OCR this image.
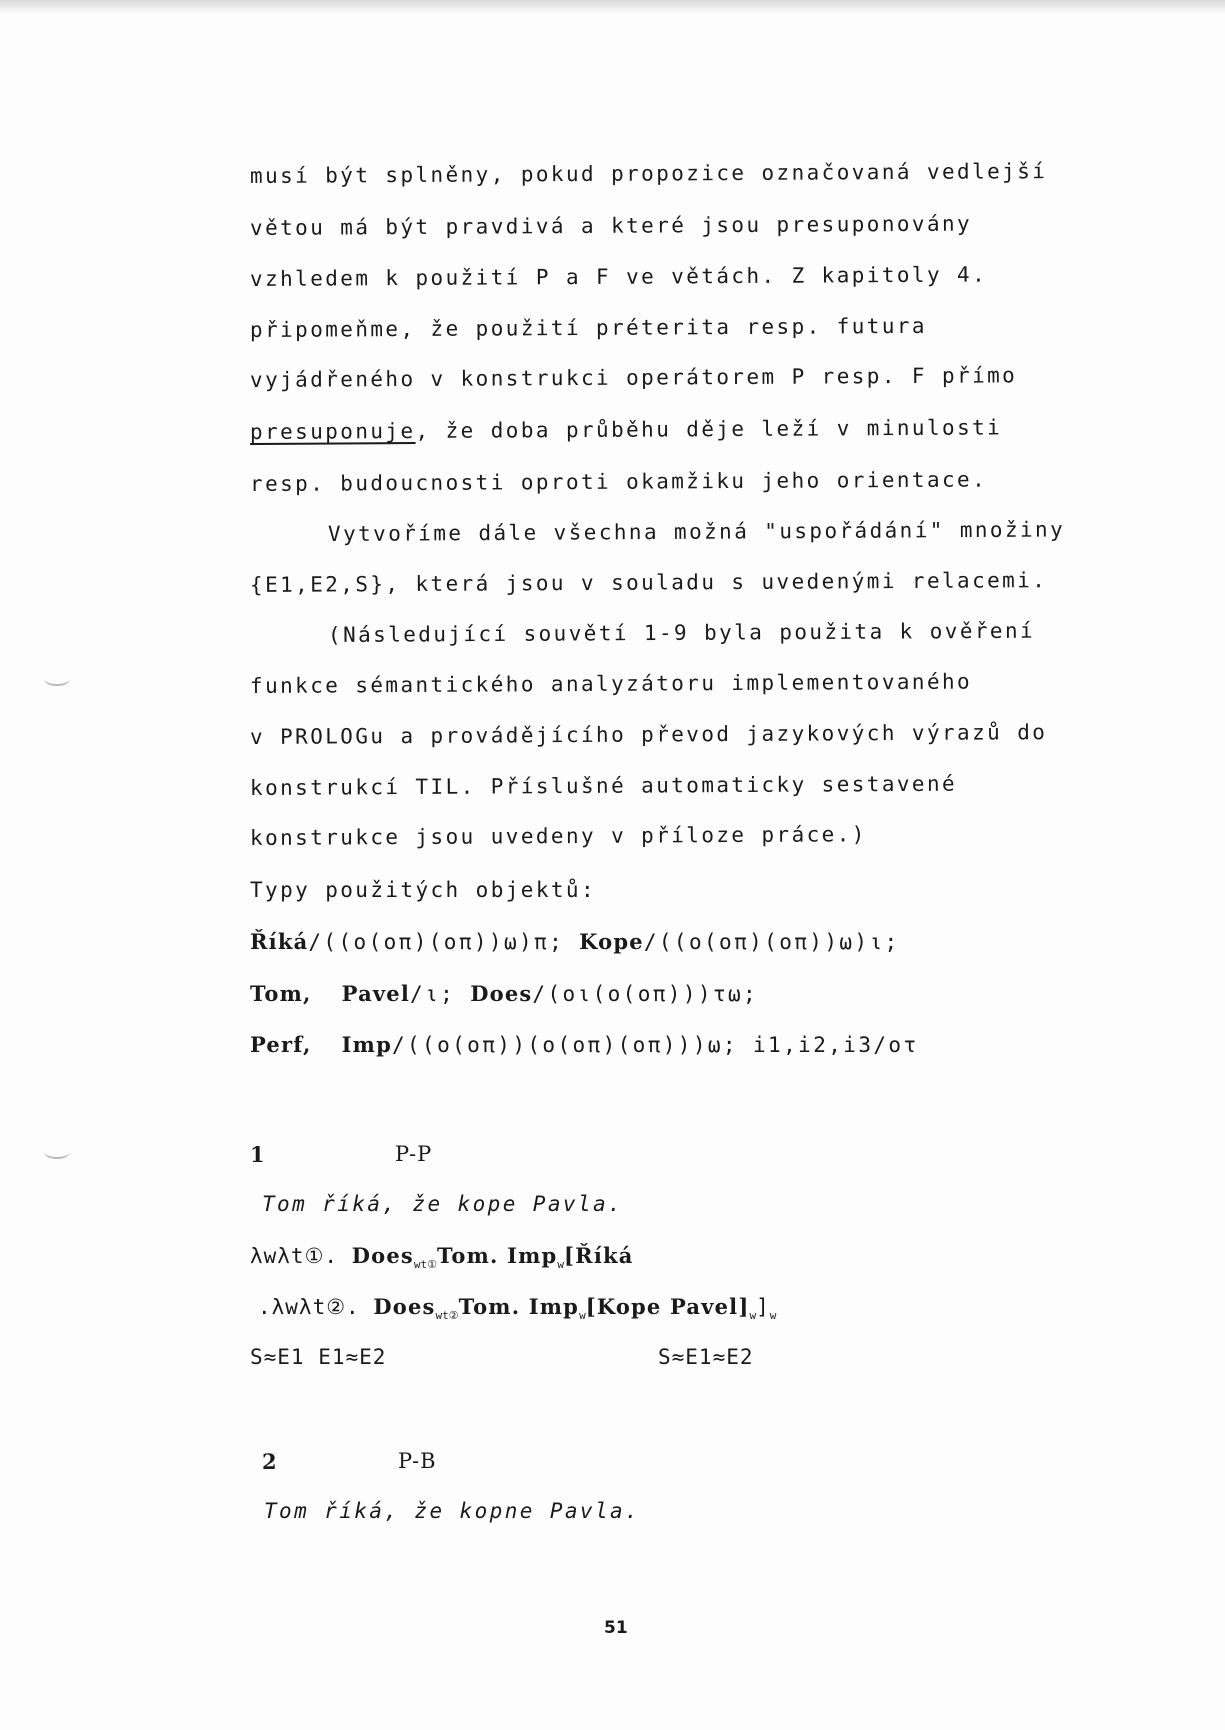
musí být splněny, pokud propozice označovaná vedlejší
větou má být pravdivá a které jsou presuponovány
vzhledem k použití P a F ve větách. Z kapitoly 4.
připomeňme, že použití préterita resp. futura
vyjádřeného v konstrukci operátorem P resp. F přímo
presuponuje, že doba průběhu děje leží v minulosti
resp. budoucnosti oproti okamžiku jeho orientace.
Vytvoříme dále všechna možná "uspořádání" množiny
{E1,E2,S}, která jsou v souladu s uvedenými relacemi.
(Následující souvětí 1-9 byla použita k ověření
funkce sémantického analyzátoru implementovaného
v PROLOGu a provádějícího převod jazykových výrazů do
konstrukcí TIL. Příslušné automaticky sestavené
konstrukce jsou uvedeny v příloze práce.)
Typy použitých objektů:
Říká/((o(oπ)(oπ))ω)π; Kope/((o(oπ)(oπ))ω)ι;
Tom, Pavel/ι; Does/(oι(o(oπ)))τω;
Perf, Imp/((o(oπ))(o(oπ)(oπ)))ω; i1,i2,i3/oτ
1	P-P
Tom říká, že kope Pavla.
λwλt①. Does$_{wt①}$Tom. Imp$_w$[Říká
.λwλt②. Does$_{wt②}$Tom. Imp$_w$[Kope $Pavel]_w]_w$
S≈E1 E1≈E2	S≈E1≈E2
2	P-B
Tom říká, že kopne Pavla.
51
